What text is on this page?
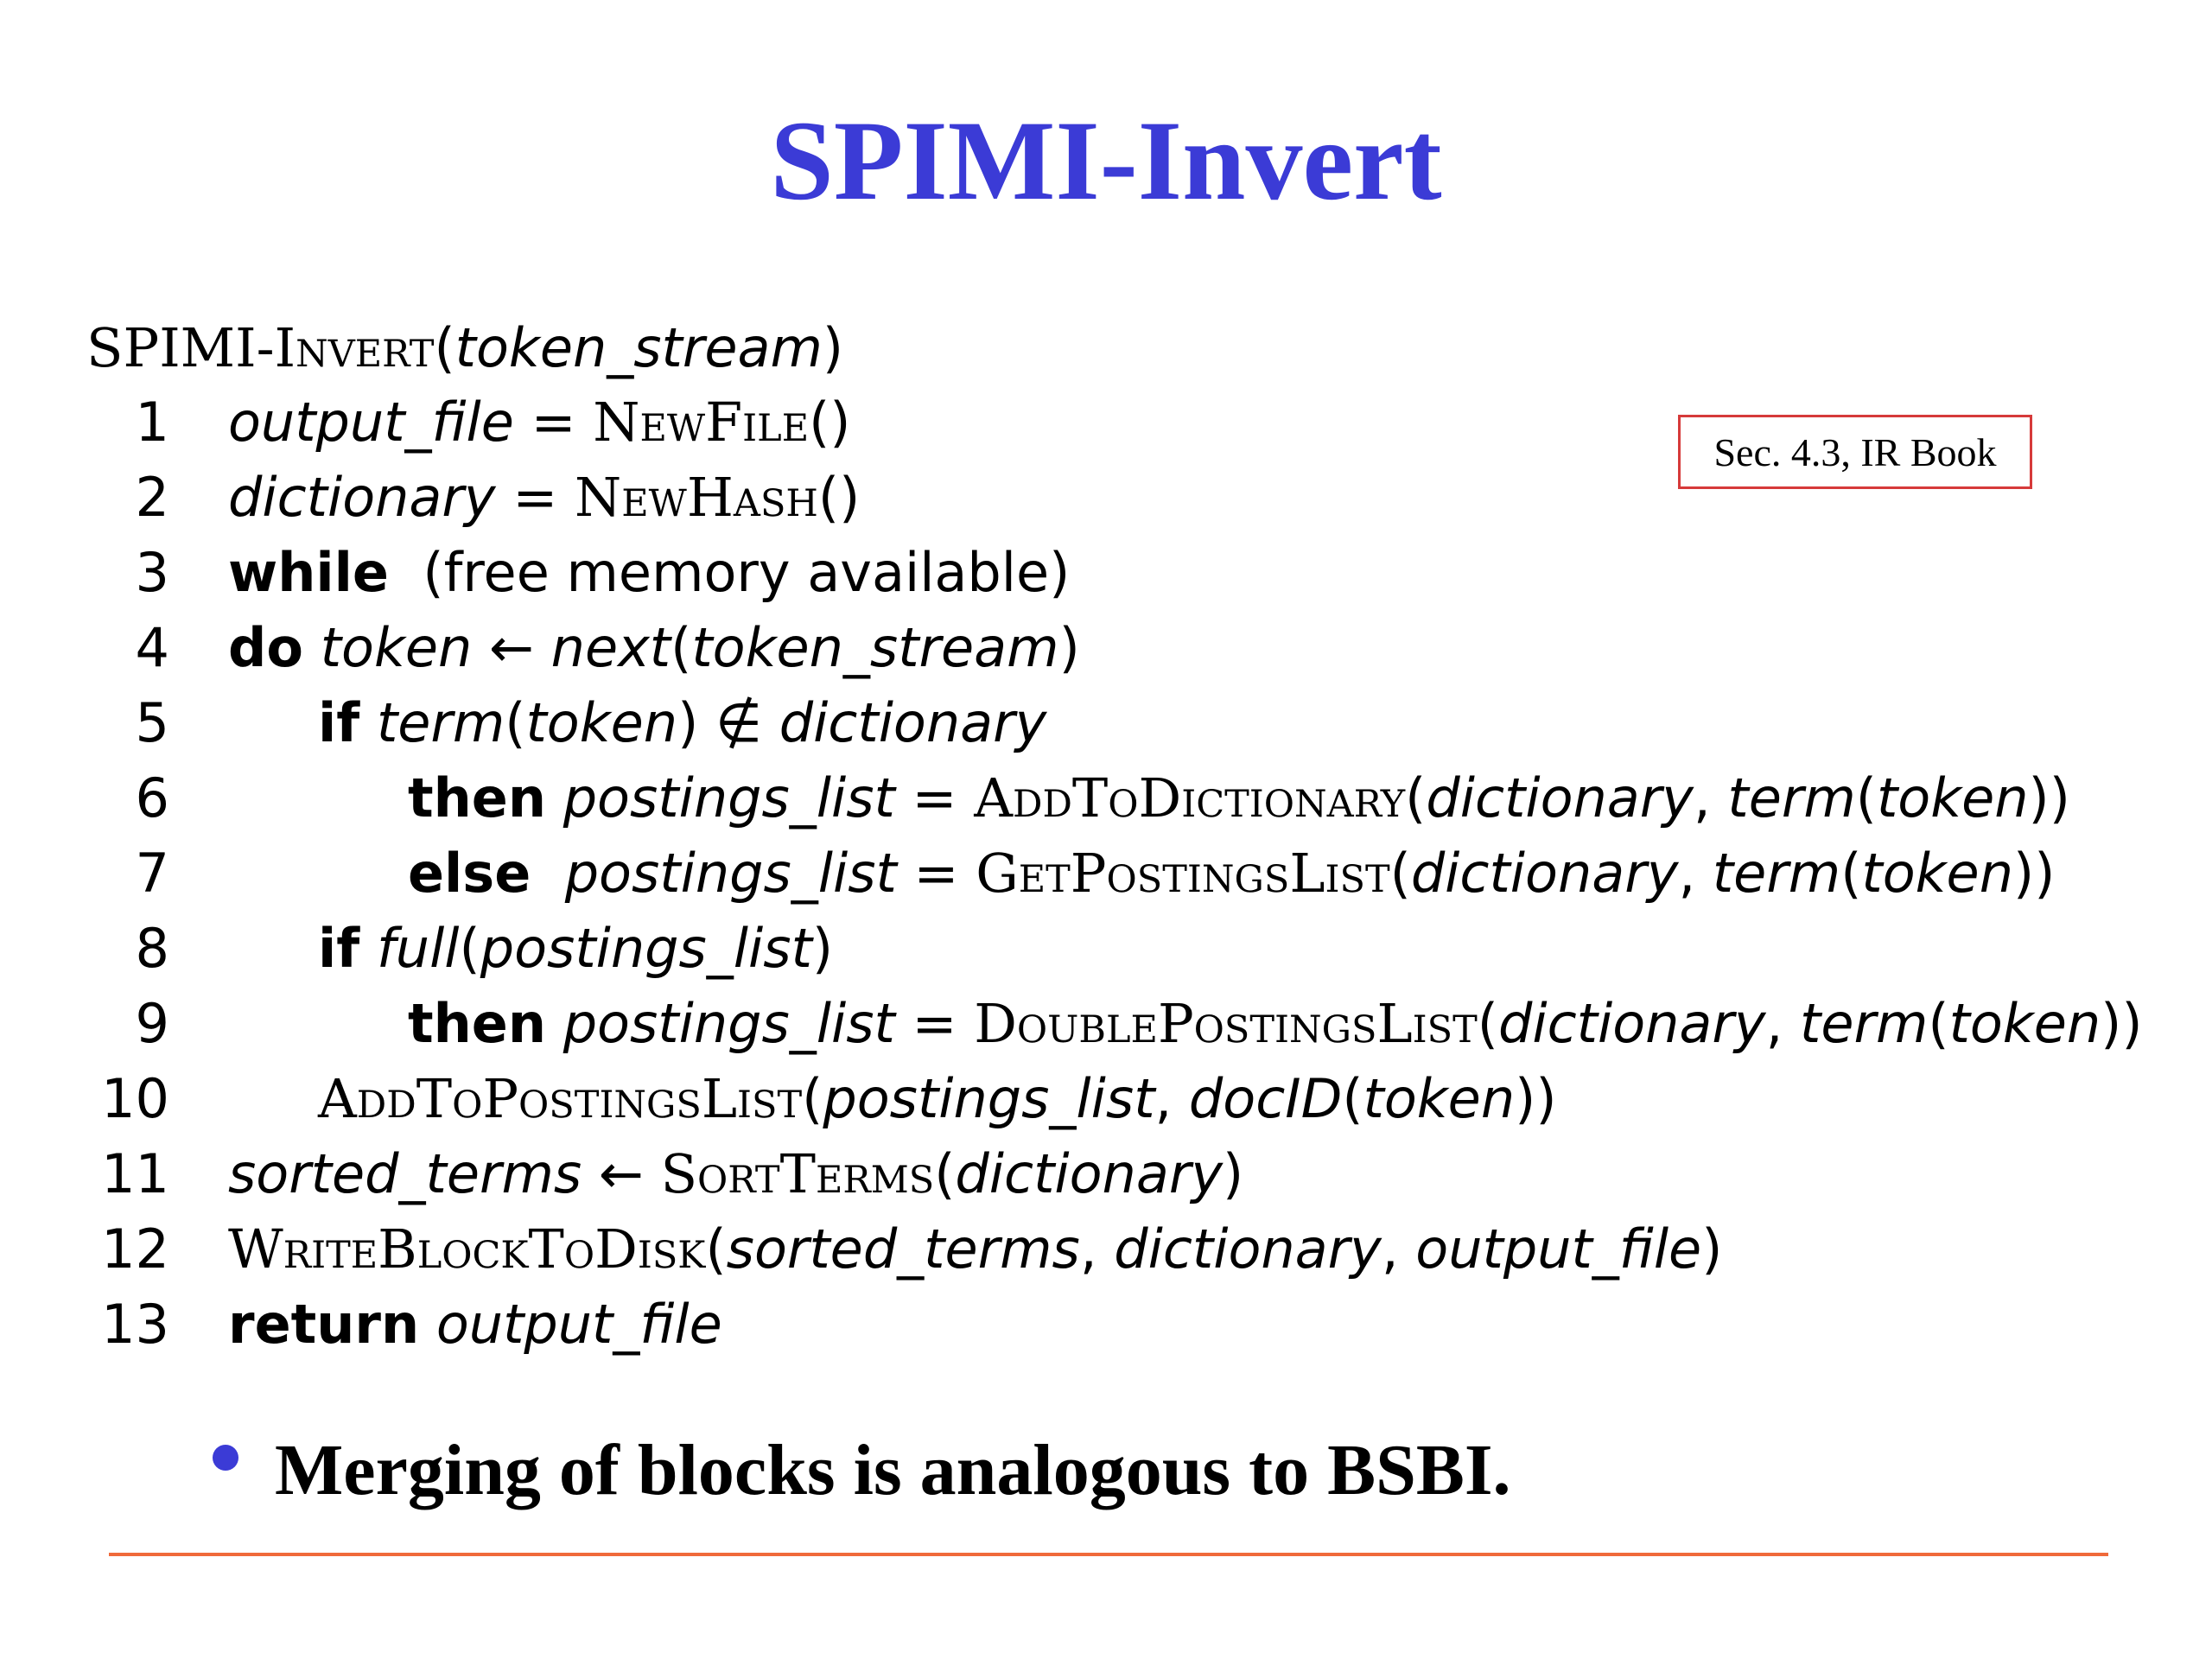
SPIMI-Invert
Sec. 4.3, IR Book
SPIMI-Invert(token_stream)
1 output_file = NewFile()
2 dictionary = NewHash()
3 while  (free memory available)
4 do token ← next(token_stream)
5	if term(token) ∉ dictionary
6	then postings_list = AddToDictionary(dictionary, term(token))
7	else postings_list = GetPostingsList(dictionary, term(token))
8	if full(postings_list)
9	then postings_list = DoublePostingsList(dictionary, term(token))
10	AddToPostingsList(postings_list, docID(token))
11 sorted_terms ← SortTerms(dictionary)
12 WriteBlockToDisk(sorted_terms, dictionary, output_file)
13 return output_file
Merging of blocks is analogous to BSBI.
